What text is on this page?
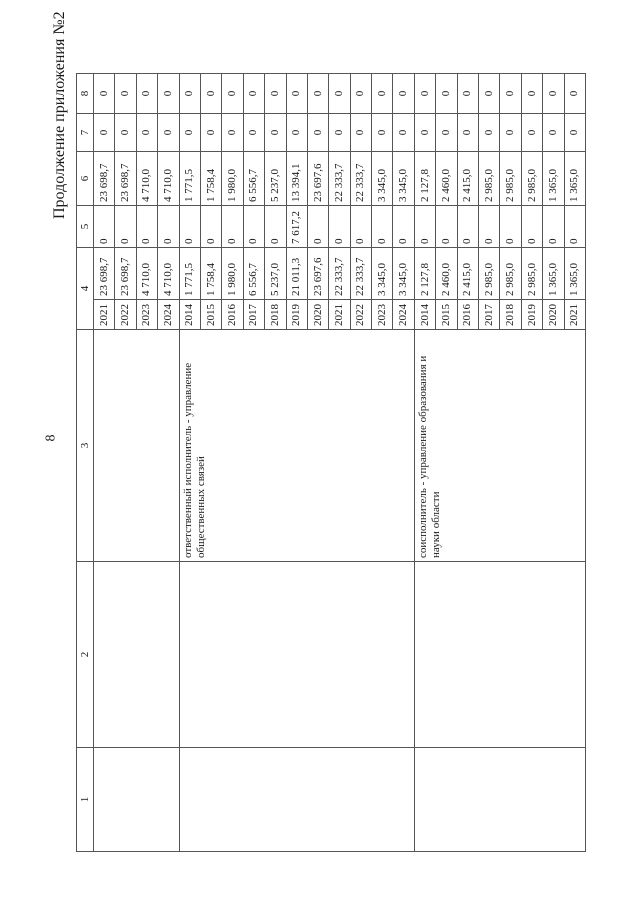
8
Продолжение приложения №2
1	2	3	4		5	6	7	8
			2021	23 698,7	0	23 698,7	0	0
			2022	23 698,7	0	23 698,7	0	0
			2023	4 710,0	0	4 710,0	0	0
			2024	4 710,0	0	4 710,0	0	0
		ответственный исполнитель - управление общественных связей	2014	1 771,5	0	1 771,5	0	0
			2015	1 758,4	0	1 758,4	0	0
			2016	1 980,0	0	1 980,0	0	0
			2017	6 556,7	0	6 556,7	0	0
			2018	5 237,0	0	5 237,0	0	0
			2019	21 011,3	7 617,2	13 394,1	0	0
			2020	23 697,6	0	23 697,6	0	0
			2021	22 333,7	0	22 333,7	0	0
			2022	22 333,7	0	22 333,7	0	0
			2023	3 345,0	0	3 345,0	0	0
			2024	3 345,0	0	3 345,0	0	0
		соисполнитель - управление образования и науки области	2014	2 127,8	0	2 127,8	0	0
			2015	2 460,0	0	2 460,0	0	0
			2016	2 415,0	0	2 415,0	0	0
			2017	2 985,0	0	2 985,0	0	0
			2018	2 985,0	0	2 985,0	0	0
			2019	2 985,0	0	2 985,0	0	0
			2020	1 365,0	0	1 365,0	0	0
			2021	1 365,0	0	1 365,0	0	0
